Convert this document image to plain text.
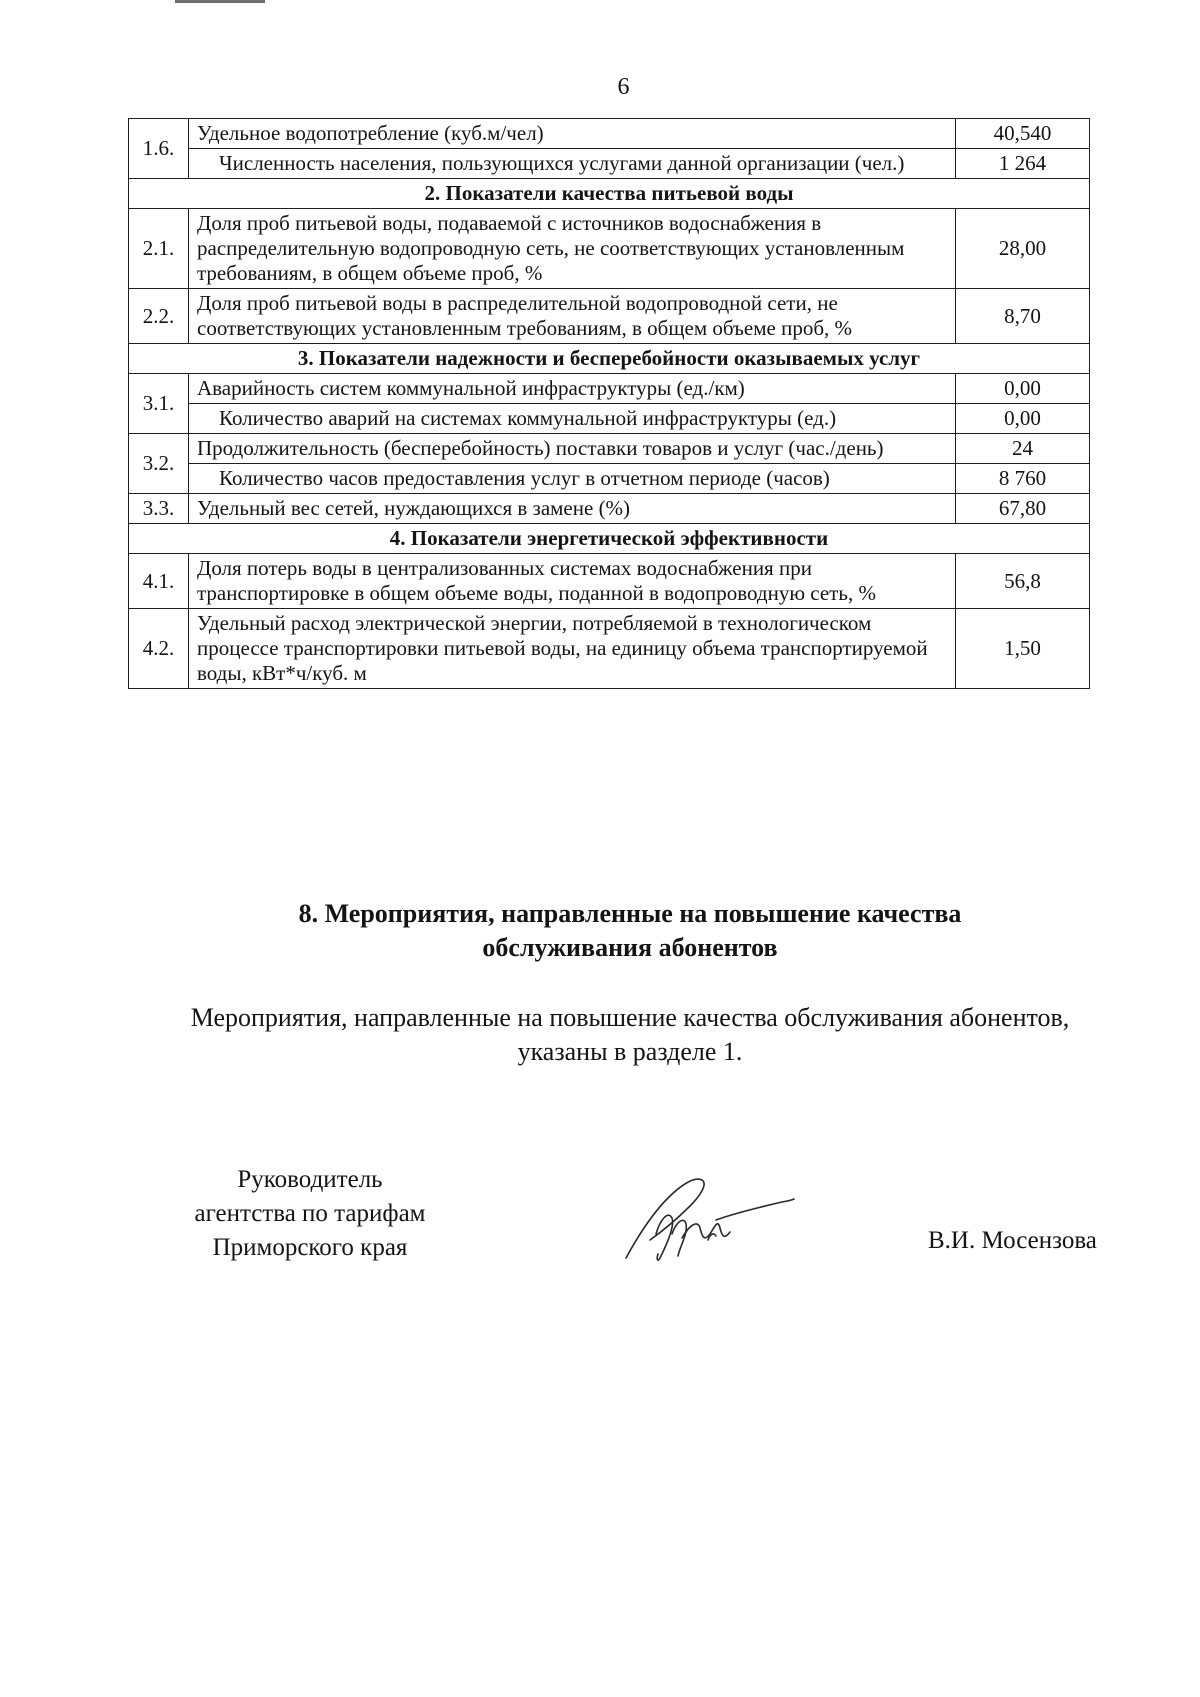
6
1.6.	Удельное водопотребление (куб.м/чел)	40,540
	Численность населения, пользующихся услугами данной организации (чел.)	1 264
2. Показатели качества питьевой воды		
2.1.	Доля проб питьевой воды, подаваемой с источников водоснабжения в распределительную водопроводную сеть, не соответствующих установленным требованиям, в общем объеме проб, %	28,00
2.2.	Доля проб питьевой воды в распределительной водопроводной сети, не соответствующих установленным требованиям, в общем объеме проб, %	8,70
3. Показатели надежности и бесперебойности оказываемых услуг		
3.1.	Аварийность систем коммунальной инфраструктуры (ед./км)	0,00
	Количество аварий на системах коммунальной инфраструктуры (ед.)	0,00
3.2.	Продолжительность (бесперебойность) поставки товаров и услуг (час./день)	24
	Количество часов предоставления услуг в отчетном периоде (часов)	8 760
3.3.	Удельный вес сетей, нуждающихся в замене (%)	67,80
4. Показатели энергетической эффективности		
4.1.	Доля потерь воды в централизованных системах водоснабжения при транспортировке в общем объеме воды, поданной в водопроводную сеть, %	56,8
4.2.	Удельный расход электрической энергии, потребляемой в технологическом процессе транспортировки питьевой воды, на единицу объема транспортируемой воды, кВт*ч/куб. м	1,50
8. Мероприятия, направленные на повышение качества
обслуживания абонентов
Мероприятия, направленные на повышение качества обслуживания абонентов,
указаны в разделе 1.
Руководитель
агентства по тарифам
Приморского края	В.И. Мосензова
